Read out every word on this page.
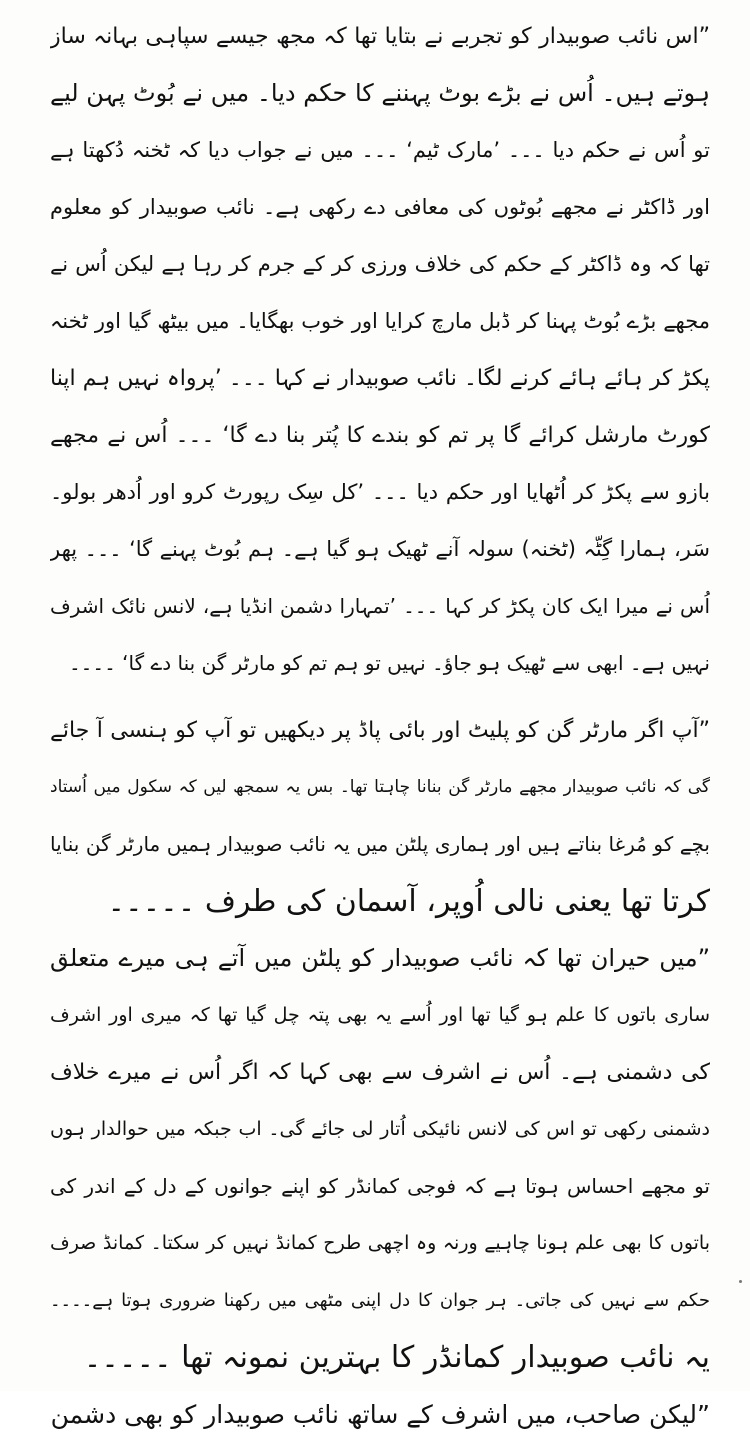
”اس نائب صوبیدار کو تجربے نے بتایا تھا کہ مجھ جیسے سپاہی بہانہ ساز
ہوتے ہیں۔ اُس نے بڑے بوٹ پہننے کا حکم دیا۔ میں نے بُوٹ پہن لیے
تو اُس نے حکم دیا ۔۔۔ ’مارک ٹیم‘ ۔۔۔ میں نے جواب دیا کہ ٹخنہ دُکھتا ہے
اور ڈاکٹر نے مجھے بُوٹوں کی معافی دے رکھی ہے۔ نائب صوبیدار کو معلوم
تھا کہ وہ ڈاکٹر کے حکم کی خلاف ورزی کر کے جرم کر رہا ہے لیکن اُس نے
مجھے بڑے بُوٹ پہنا کر ڈبل مارچ کرایا اور خوب بھگایا۔ میں بیٹھ گیا اور ٹخنہ
پکڑ کر ہائے ہائے کرنے لگا۔ نائب صوبیدار نے کہا ۔۔۔ ’پرواہ نہیں ہم اپنا
کورٹ مارشل کرائے گا پر تم کو بندے کا پُتر بنا دے گا‘ ۔۔۔ اُس نے مجھے
بازو سے پکڑ کر اُٹھایا اور حکم دیا ۔۔۔ ’کل سِک رپورٹ کرو اور اُدھر بولو۔
سَر، ہمارا گِٹّہ (ٹخنہ) سولہ آنے ٹھیک ہو گیا ہے۔ ہم بُوٹ پہنے گا‘ ۔۔۔ پھر
اُس نے میرا ایک کان پکڑ کر کہا ۔۔۔ ’تمہارا دشمن انڈیا ہے، لانس نائک اشرف
نہیں ہے۔ ابھی سے ٹھیک ہو جاؤ۔ نہیں تو ہم تم کو مارٹر گن بنا دے گا‘ ۔۔۔۔
”آپ اگر مارٹر گن کو پلیٹ اور بائی پاڈ پر دیکھیں تو آپ کو ہنسی آ جائے
گی کہ نائب صوبیدار مجھے مارٹر گن بنانا چاہتا تھا۔ بس یہ سمجھ لیں کہ سکول میں اُستاد
بچے کو مُرغا بناتے ہیں اور ہماری پلٹن میں یہ نائب صوبیدار ہمیں مارٹر گن بنایا
کرتا تھا یعنی نالی اُوپر، آسمان کی طرف ۔۔۔۔۔
”میں حیران تھا کہ نائب صوبیدار کو پلٹن میں آتے ہی میرے متعلق
ساری باتوں کا علم ہو گیا تھا اور اُسے یہ بھی پتہ چل گیا تھا کہ میری اور اشرف
کی دشمنی ہے۔ اُس نے اشرف سے بھی کہا کہ اگر اُس نے میرے خلاف
دشمنی رکھی تو اس کی لانس نائیکی اُتار لی جائے گی۔ اب جبکہ میں حوالدار ہوں
تو مجھے احساس ہوتا ہے کہ فوجی کمانڈر کو اپنے جوانوں کے دل کے اندر کی
باتوں کا بھی علم ہونا چاہیے ورنہ وہ اچھی طرح کمانڈ نہیں کر سکتا۔ کمانڈ صرف
حکم سے نہیں کی جاتی۔ ہر جوان کا دل اپنی مٹھی میں رکھنا ضروری ہوتا ہے۔۔۔۔
یہ نائب صوبیدار کمانڈر کا بہترین نمونہ تھا ۔۔۔۔۔
”لیکن صاحب، میں اشرف کے ساتھ نائب صوبیدار کو بھی دشمن
